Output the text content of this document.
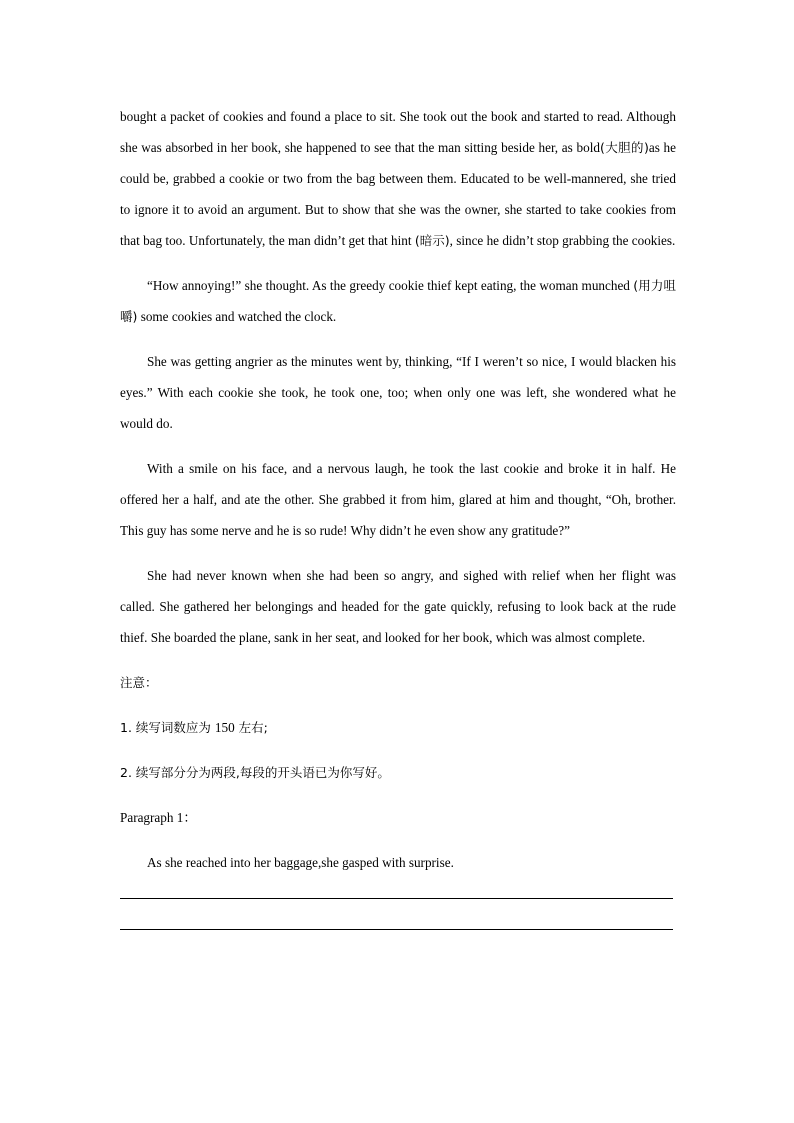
bought a packet of cookies and found a place to sit. She took out the book and started to read. Although she was absorbed in her book, she happened to see that the man sitting beside her, as bold(大胆的)as he could be, grabbed a cookie or two from the bag between them. Educated to be well-mannered, she tried to ignore it to avoid an argument. But to show that she was the owner, she started to take cookies from that bag too. Unfortunately, the man didn’t get that hint (暗示), since he didn’t stop grabbing the cookies.

“How annoying!” she thought. As the greedy cookie thief kept eating, the woman munched (用力咀嚼) some cookies and watched the clock.

She was getting angrier as the minutes went by, thinking, “If I weren’t so nice, I would blacken his eyes.” With each cookie she took, he took one, too; when only one was left, she wondered what he would do.

With a smile on his face, and a nervous laugh, he took the last cookie and broke it in half. He offered her a half, and ate the other. She grabbed it from him, glared at him and thought, “Oh, brother. This guy has some nerve and he is so rude! Why didn’t he even show any gratitude?”

She had never known when she had been so angry, and sighed with relief when her flight was called. She gathered her belongings and headed for the gate quickly, refusing to look back at the rude thief. She boarded the plane, sank in her seat, and looked for her book, which was almost complete.

注意：

1. 续写词数应为 150 左右;

2. 续写部分分为两段,每段的开头语已为你写好。

Paragraph 1：

As she reached into her baggage,she gasped with surprise.
